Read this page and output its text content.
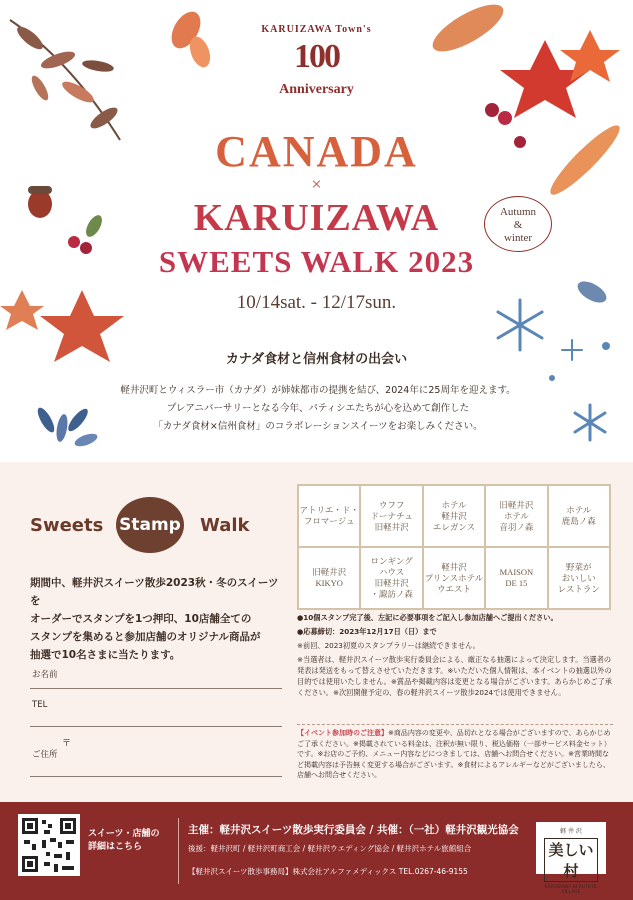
KARUIZAWA Town's
100
Anniversary
CANADA
×
KARUIZAWA
SWEETS WALK 2023
10/14sat. - 12/17sun.
Autumn
&
winter
カナダ食材と信州食材の出会い
軽井沢町とウィスラー市（カナダ）が姉妹都市の提携を結び、2024年に25周年を迎えます。
プレアニバーサリーとなる今年、パティシエたちが心を込めて創作した
「カナダ食材×信州食材」のコラボレーションスイーツをお楽しみください。
Sweets Stamp Walk
期間中、軽井沢スイーツ散歩2023秋・冬のスイーツを
オーダーでスタンプを1つ押印、10店舗全ての
スタンプを集めると参加店舗のオリジナル商品が
抽選で10名さまに当たります。
お名前
TEL
〒
ご住所
アトリエ・ド・
フロマージュ
ウフフ
ドーナチュ
旧軽井沢
ホテル
軽井沢
エレガンス
旧軽井沢
ホテル
音羽ノ森
ホテル
鹿島ノ森
旧軽井沢
KIKYO
ロンギング
ハウス
旧軽井沢
・諏訪ノ森
軽井沢
プリンスホテル
ウエスト
MAISON
DE 15
野菜が
おいしい
レストラン

●10個スタンプ完了後、左記に必要事項をご記入し参加店舗へご提出ください。

●応募締切：2023年12月17日（日）まで

※前回、2023初夏のスタンプラリーは継続できません。

※当選者は、軽井沢スイーツ散歩実行委員会による、厳正なる抽選によって決定します。当選者の発表は発送をもって替えさせていただきます。※いただいた個人情報は、本イベントの抽選以外の目的では使用いたしません。※賞品や掲載内容は変更となる場合がございます。あらかじめご了承ください。※次回開催予定の、春の軽井沢スイーツ散歩2024では使用できません。

【イベント参加時のご注意】※商品内容の変更や、品切れとなる場合がございますので、あらかじめご了承ください。※掲載されている料金は、注釈が無い限り、税込価格（一部サービス料金セット）です。※お店のご予約、メニュー内容などにつきましては、店舗へお問合せください。※営業時間など掲載内容は予告無く変更する場合がございます。※食材によるアレルギーなどがございましたら、店舗へお問合せください。
スイーツ・店舗の
詳細はこちら
主催：軽井沢スイーツ散歩実行委員会 / 共催：（一社）軽井沢観光協会
後援：軽井沢町 / 軽井沢町商工会 / 軽井沢ウエディング協会 / 軽井沢ホテル旅館組合
【軽井沢スイーツ散歩事務局】株式会社アルファメディックス TEL.0267-46-9155
軽 井 沢
美しい村
KARUIZAWA BEAUTIFUL VILLAGE
